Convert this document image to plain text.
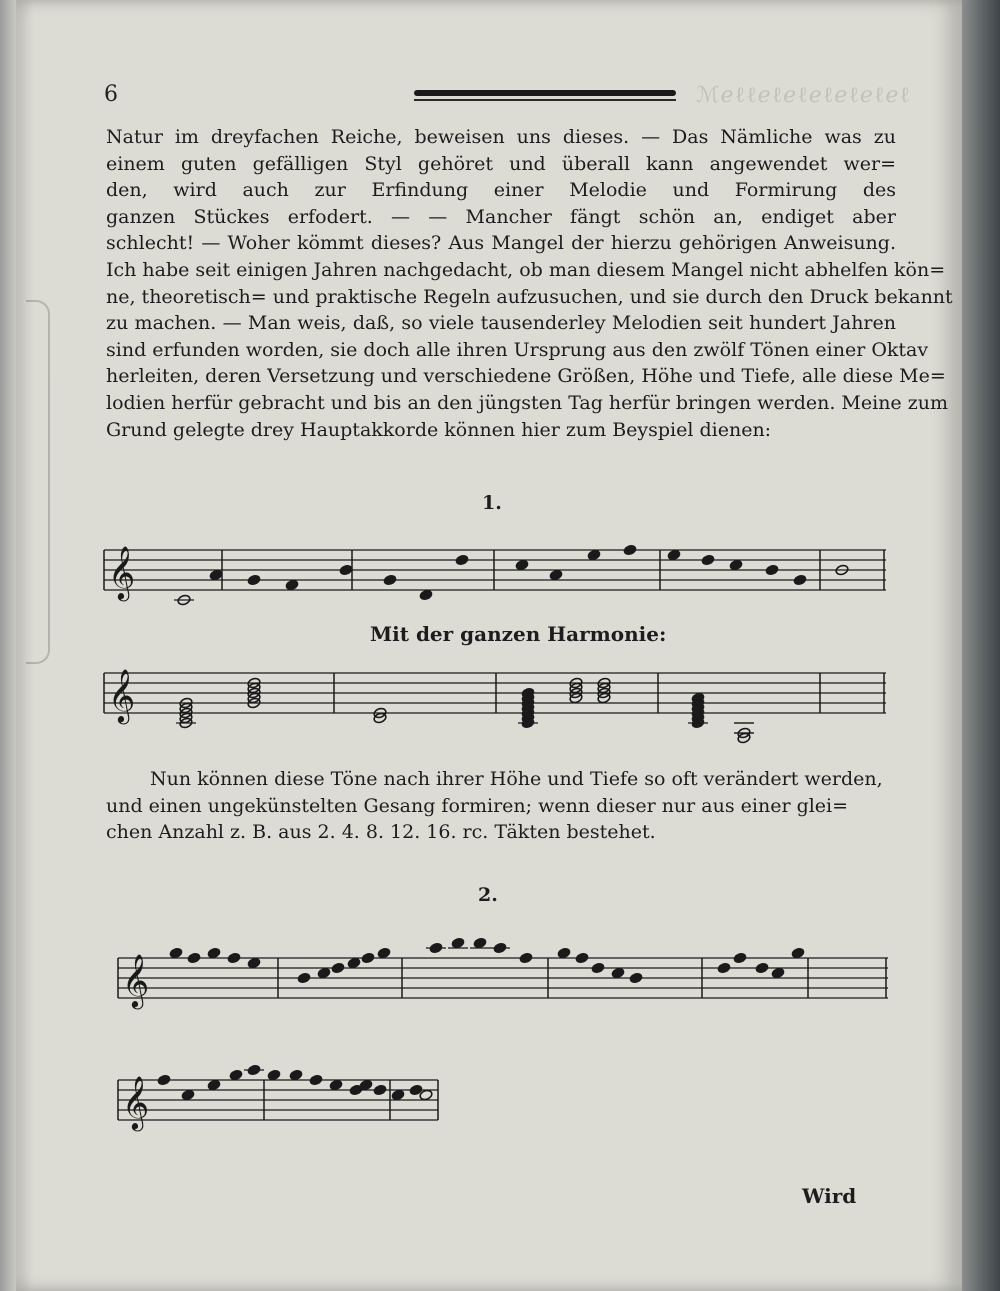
6	ℳℯℓℓℯℓℯℓℯℓℯℓℯℓℯℓ
Natur im dreyfachen Reiche, beweisen uns dieses. — Das Nämliche was zu
einem guten gefälligen Styl gehöret und überall kann angewendet wer=
den, wird auch zur Erfindung einer Melodie und Formirung des
ganzen Stückes erfodert. — — Mancher fängt schön an, endiget aber
schlecht! — Woher kömmt dieses? Aus Mangel der hierzu gehörigen Anweisung.
Ich habe seit einigen Jahren nachgedacht, ob man diesem Mangel nicht abhelfen kön=
ne, theoretisch= und praktische Regeln aufzusuchen, und sie durch den Druck bekannt
zu machen. — Man weis, daß, so viele tausenderley Melodien seit hundert Jahren
sind erfunden worden, sie doch alle ihren Ursprung aus den zwölf Tönen einer Oktav
herleiten, deren Versetzung und verschiedene Größen, Höhe und Tiefe, alle diese Me=
lodien herfür gebracht und bis an den jüngsten Tag herfür bringen werden. Meine zum
Grund gelegte drey Hauptakkorde können hier zum Beyspiel dienen:
1.
𝄞
Mit der ganzen Harmonie:
𝄞
Nun können diese Töne nach ihrer Höhe und Tiefe so oft verändert werden,
und einen ungekünstelten Gesang formiren; wenn dieser nur aus einer glei=
chen Anzahl z. B. aus 2. 4. 8. 12. 16. rc. Täkten bestehet.
2.
𝄞
𝄞
Wird
